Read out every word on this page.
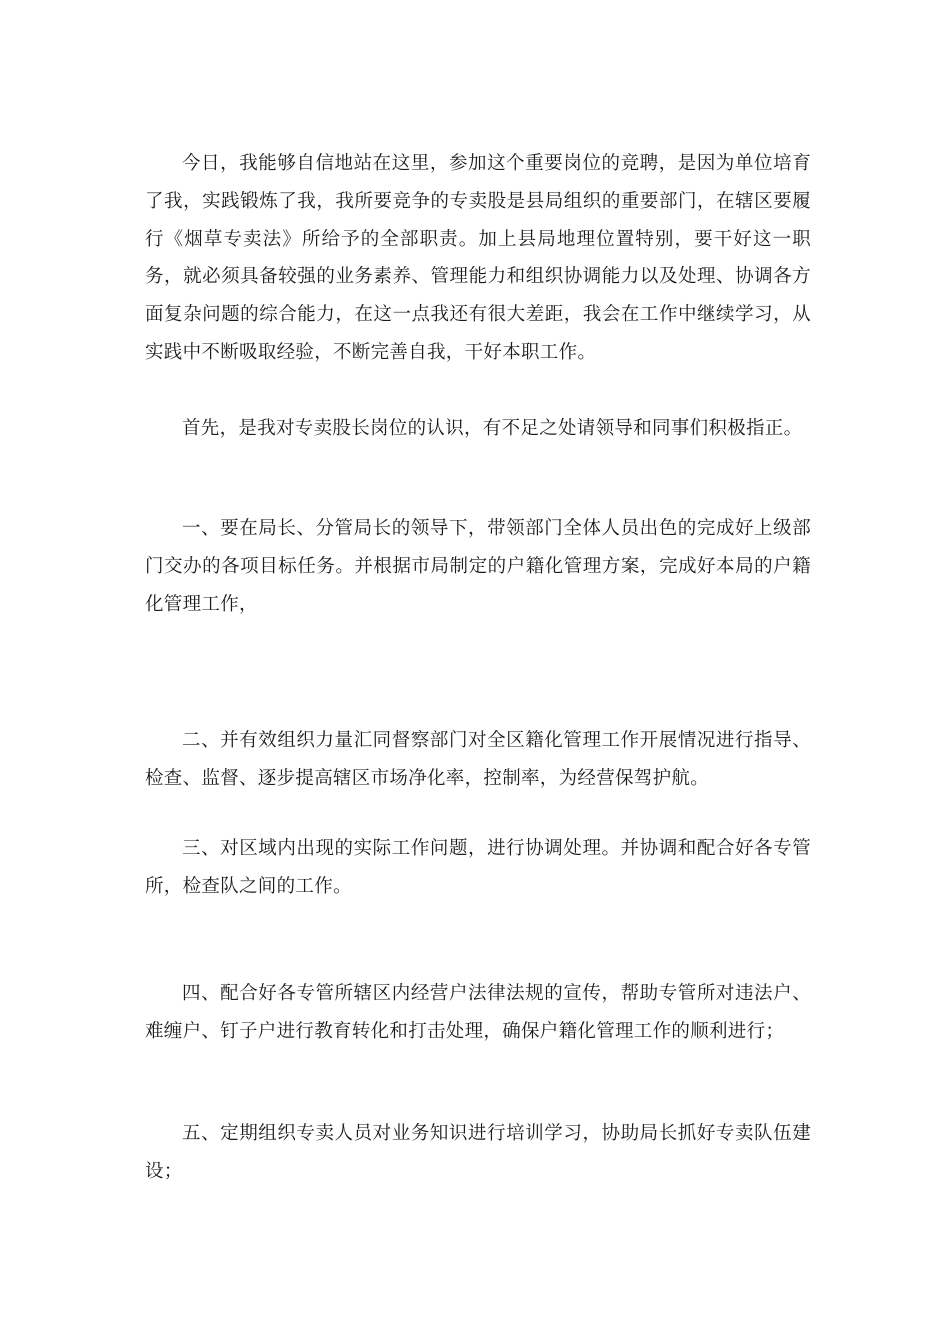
今日，我能够自信地站在这里，参加这个重要岗位的竞聘，是因为单位培育了我，实践锻炼了我，我所要竞争的专卖股是县局组织的重要部门，在辖区要履行《烟草专卖法》所给予的全部职责。加上县局地理位置特别，要干好这一职务，就必须具备较强的业务素养、管理能力和组织协调能力以及处理、协调各方面复杂问题的综合能力，在这一点我还有很大差距，我会在工作中继续学习，从实践中不断吸取经验，不断完善自我，干好本职工作。

首先，是我对专卖股长岗位的认识，有不足之处请领导和同事们积极指正。

一、要在局长、分管局长的领导下，带领部门全体人员出色的完成好上级部门交办的各项目标任务。并根据市局制定的户籍化管理方案，完成好本局的户籍化管理工作，

二、并有效组织力量汇同督察部门对全区籍化管理工作开展情况进行指导、检查、监督、逐步提高辖区市场净化率，控制率，为经营保驾护航。

三、对区域内出现的实际工作问题，进行协调处理。并协调和配合好各专管所，检查队之间的工作。

四、配合好各专管所辖区内经营户法律法规的宣传，帮助专管所对违法户、难缠户、钉子户进行教育转化和打击处理，确保户籍化管理工作的顺利进行；

五、定期组织专卖人员对业务知识进行培训学习，协助局长抓好专卖队伍建设；
